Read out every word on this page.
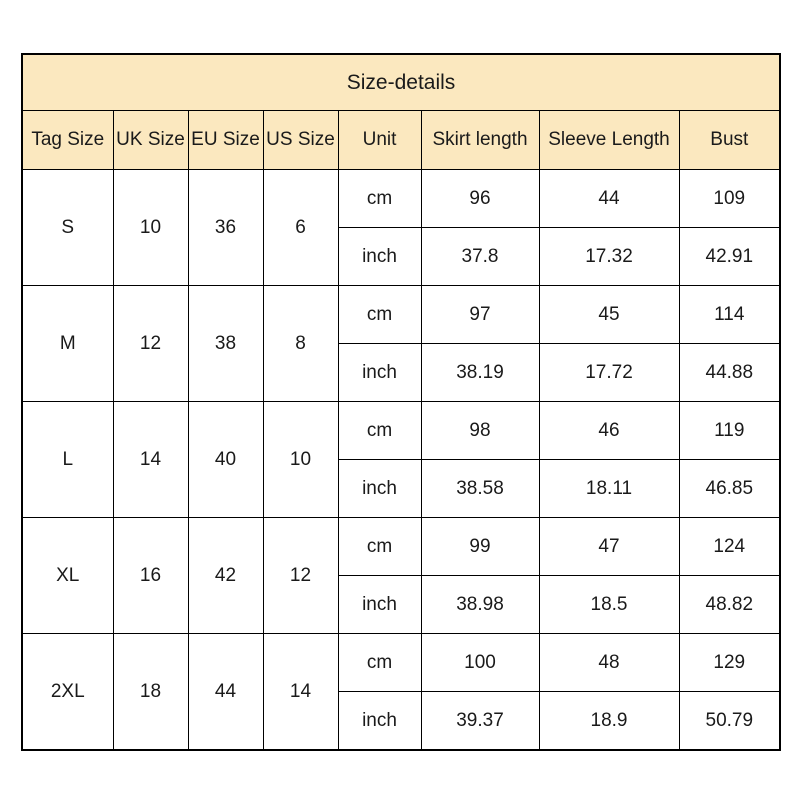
Size-details							
Tag Size	UK Size	EU Size	US Size	Unit	Skirt length	Sleeve Length	Bust
S	10	36	6	cm	96	44	109
				inch	37.8	17.32	42.91
M	12	38	8	cm	97	45	114
				inch	38.19	17.72	44.88
L	14	40	10	cm	98	46	119
				inch	38.58	18.11	46.85
XL	16	42	12	cm	99	47	124
				inch	38.98	18.5	48.82
2XL	18	44	14	cm	100	48	129
				inch	39.37	18.9	50.79
